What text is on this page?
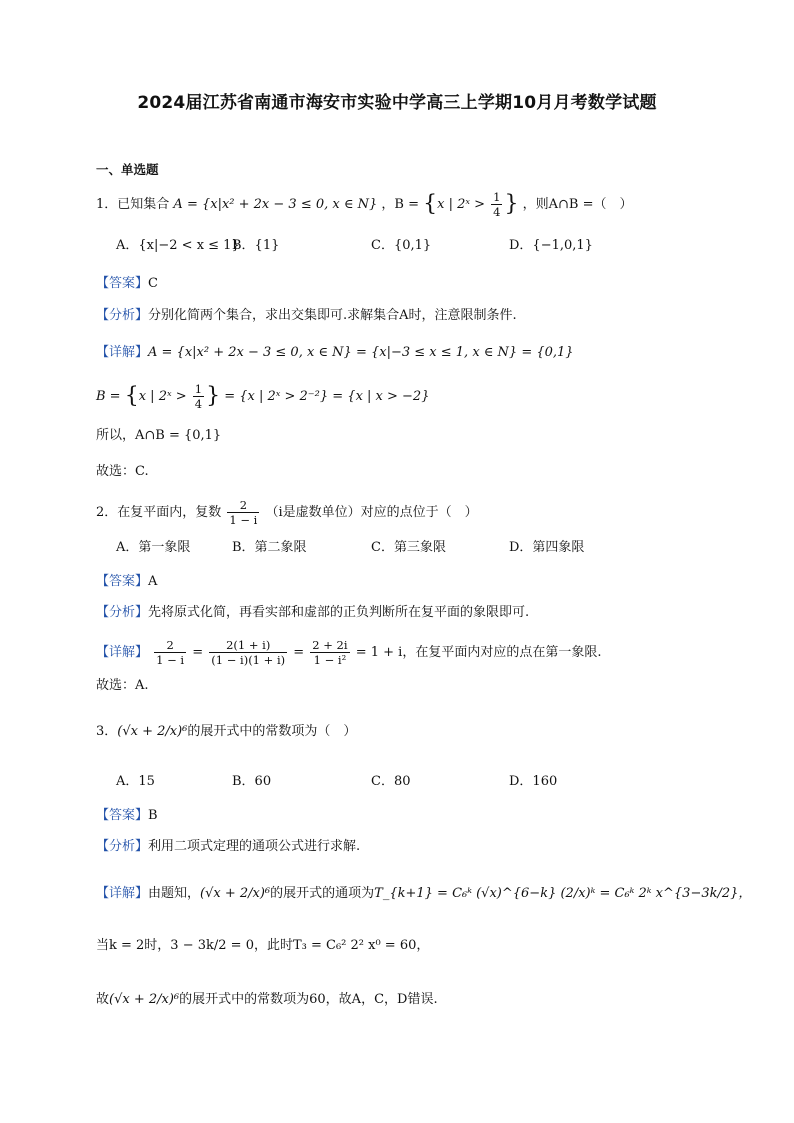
2024届江苏省南通市海安市实验中学高三上学期10月月考数学试题
一、单选题
1．已知集合 A = {x|x² + 2x − 3 ≤ 0, x ∈ N} ，B = {x | 2ˣ > $\frac{1}{4}$ } ，则A∩B =（　）
A．{x|−2 < x ≤ 1}
B．{1}	C．{0,1}	D．{−1,0,1}
【答案】C
【分析】分别化简两个集合，求出交集即可.求解集合A时，注意限制条件.
【详解】A = {x|x² + 2x − 3 ≤ 0, x ∈ N} = {x|−3 ≤ x ≤ 1, x ∈ N} = {0,1}
B = {x | 2ˣ > $\frac{1}{4}$ } = {x | 2ˣ > 2⁻²} = {x | x > −2}
所以，A∩B = {0,1}
故选：C.
2．在复平面内，复数 $\frac{2}{1 - i} (i$是虚数单位）对应的点位于（　）
A．第一象限	B．第二象限	C．第三象限	D．第四象限
【答案】A
【分析】先将原式化简，再看实部和虚部的正负判断所在复平面的象限即可.
【详解】 $\frac{2}{1 - i} = \frac{2(1 + i)}{(1 - i)(1 + i)} = \frac{2 + 2i}{\text{1 − i²}} = 1 + i$，在复平面内对应的点在第一象限.
故选：A.
3．(√x + 2/x)⁶的展开式中的常数项为（　）
A．15	B．60	C．80	D．160
【答案】B
【分析】利用二项式定理的通项公式进行求解.
【详解】由题知，(√x + 2/x)⁶的展开式的通项为T_{k+1} = C₆ᵏ (√x)^{6−k} (2/x)ᵏ = C₆ᵏ 2ᵏ x^{3−3k/2}，
当k = 2时，3 − 3k/2 = 0，此时T₃ = C₆² 2² x⁰ = 60，
故(√x + 2/x)⁶的展开式中的常数项为60，故A，C，D错误.
